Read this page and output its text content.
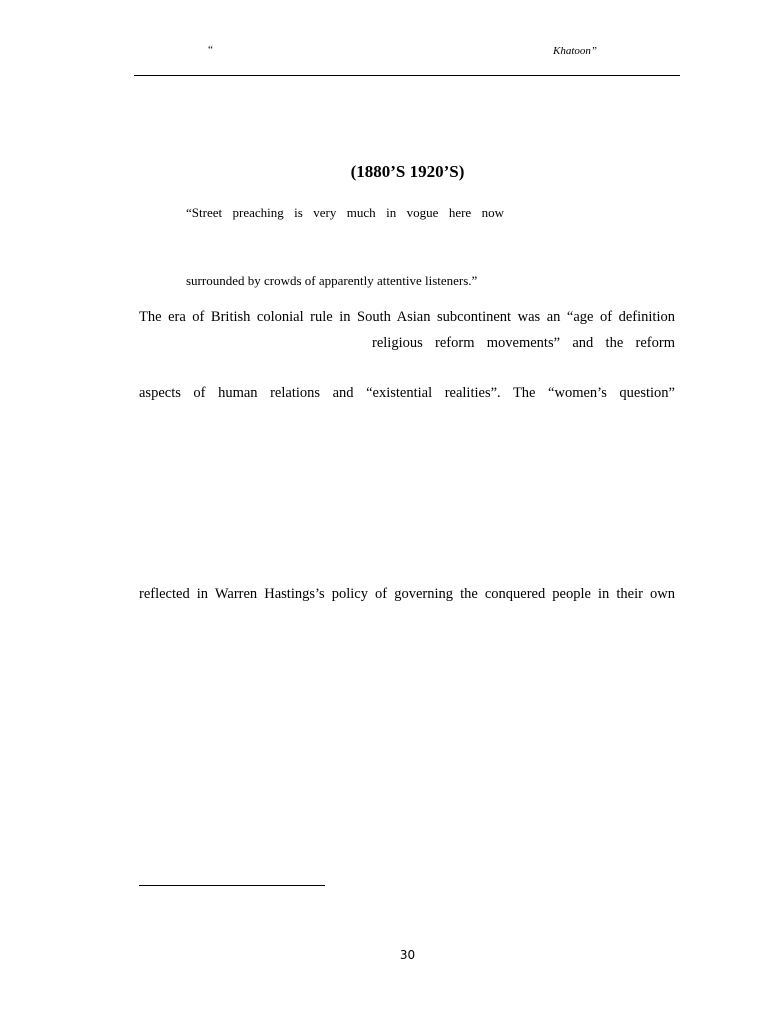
“	Khatoon”
(1880’S 1920’S)
“Street preaching is very much in vogue here now
surrounded by crowds of apparently attentive listeners.”
The era of British colonial rule in South Asian subcontinent was an “age of definition
religious reform movements” and the reform
aspects of human relations and “existential realities”. The “women’s question”
reflected in Warren Hastings’s policy of governing the conquered people in their own
30
